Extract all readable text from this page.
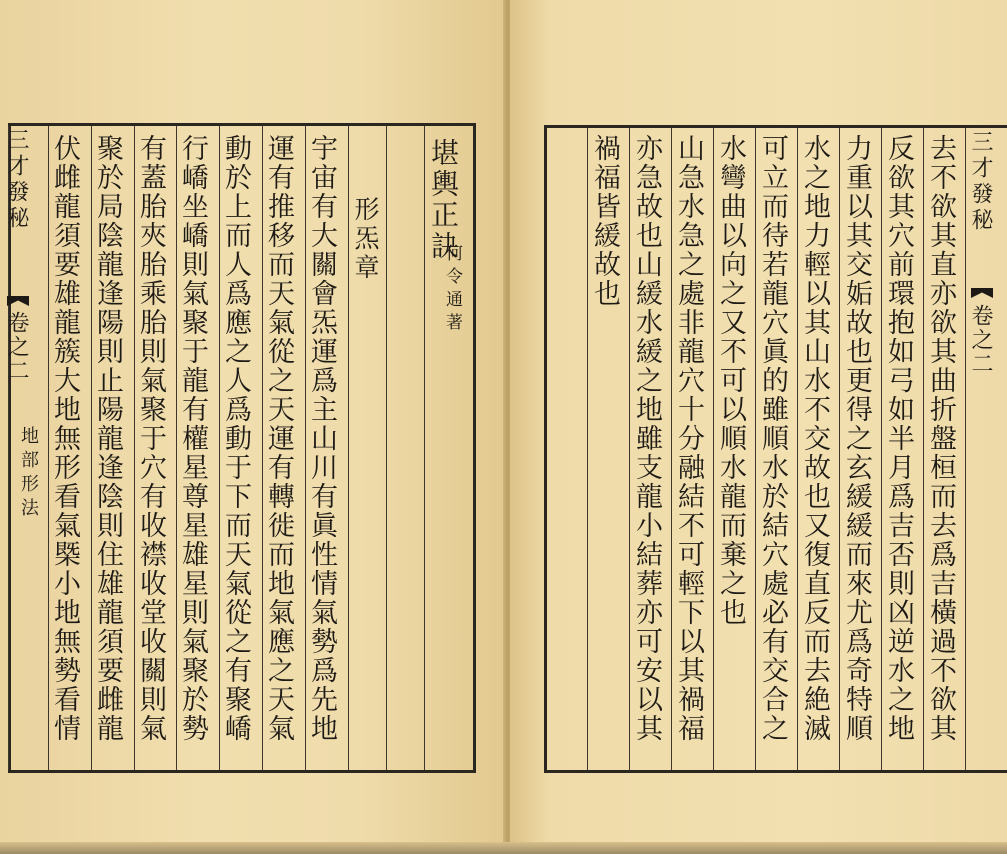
堪輿正訣
何令通著
形炁章
宇宙有大關會炁運爲主山川有眞性情氣勢爲先地
運有推移而天氣從之天運有轉徙而地氣應之天氣
動於上而人爲應之人爲動于下而天氣從之有聚嶠
行嶠坐嶠則氣聚于龍有權星尊星雄星則氣聚於勢
有蓋胎夾胎乘胎則氣聚于穴有收襟收堂收關則氣
聚於局陰龍逢陽則止陽龍逢陰則住雄龍須要雌龍
伏雌龍須要雄龍簇大地無形看氣槩小地無勢看情
三才發秘
卷之二
地部形法	去不欲其直亦欲其曲折盤桓而去爲吉橫過不欲其
反欲其穴前環抱如弓如半月爲吉否則凶逆水之地
力重以其交姤故也更得之玄緩緩而來尤爲奇特順
水之地力輕以其山水不交故也又復直反而去絶滅
可立而待若龍穴眞的雖順水於結穴處必有交合之
水彎曲以向之又不可以順水龍而棄之也
山急水急之處非龍穴十分融結不可輕下以其禍福
亦急故也山緩水緩之地雖支龍小結葬亦可安以其
禍福皆緩故也	三才發秘
卷之二
